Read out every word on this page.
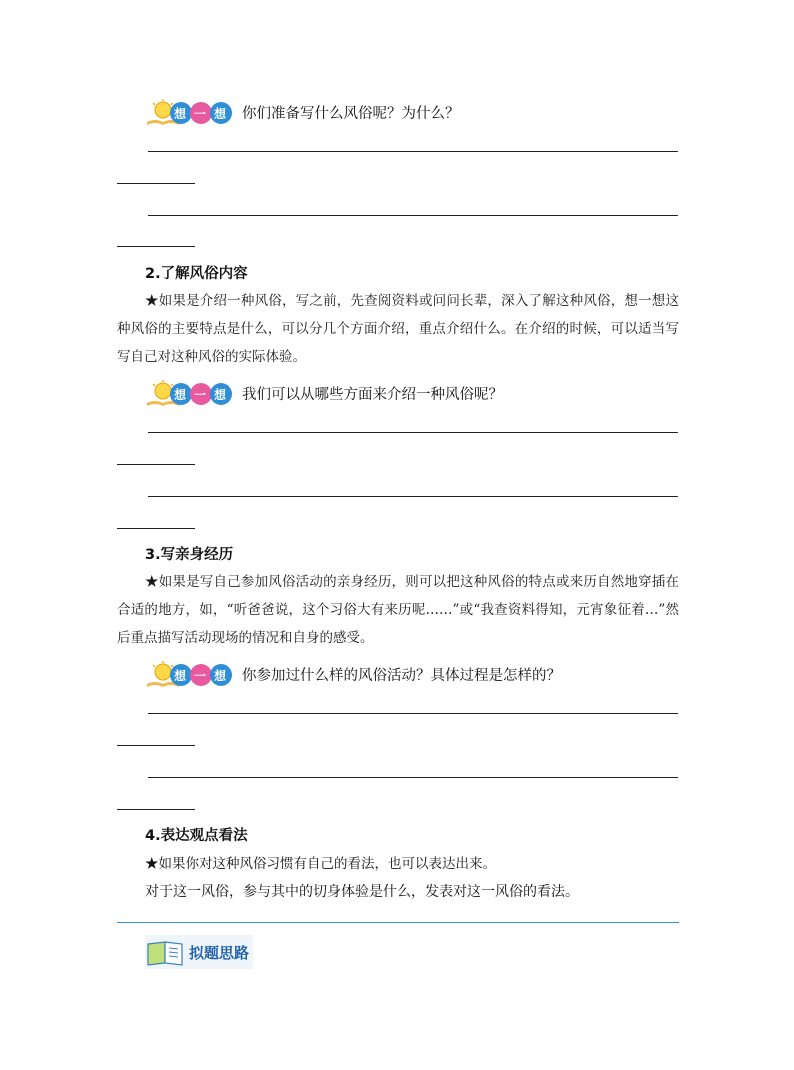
想 一 想 你们准备写什么风俗呢？为什么？
2.了解风俗内容
★如果是介绍一种风俗，写之前，先查阅资料或问问长辈，深入了解这种风俗，想一想这种风俗的主要特点是什么，可以分几个方面介绍，重点介绍什么。在介绍的时候，可以适当写写自己对这种风俗的实际体验。
想 一 想 我们可以从哪些方面来介绍一种风俗呢？
3.写亲身经历
★如果是写自己参加风俗活动的亲身经历，则可以把这种风俗的特点或来历自然地穿插在合适的地方，如，“听爸爸说，这个习俗大有来历呢……”或“我查资料得知，元宵象征着…”然后重点描写活动现场的情况和自身的感受。
想 一 想 你参加过什么样的风俗活动？具体过程是怎样的？
4.表达观点看法
★如果你对这种风俗习惯有自己的看法，也可以表达出来。
对于这一风俗，参与其中的切身体验是什么，发表对这一风俗的看法。
拟题思路
